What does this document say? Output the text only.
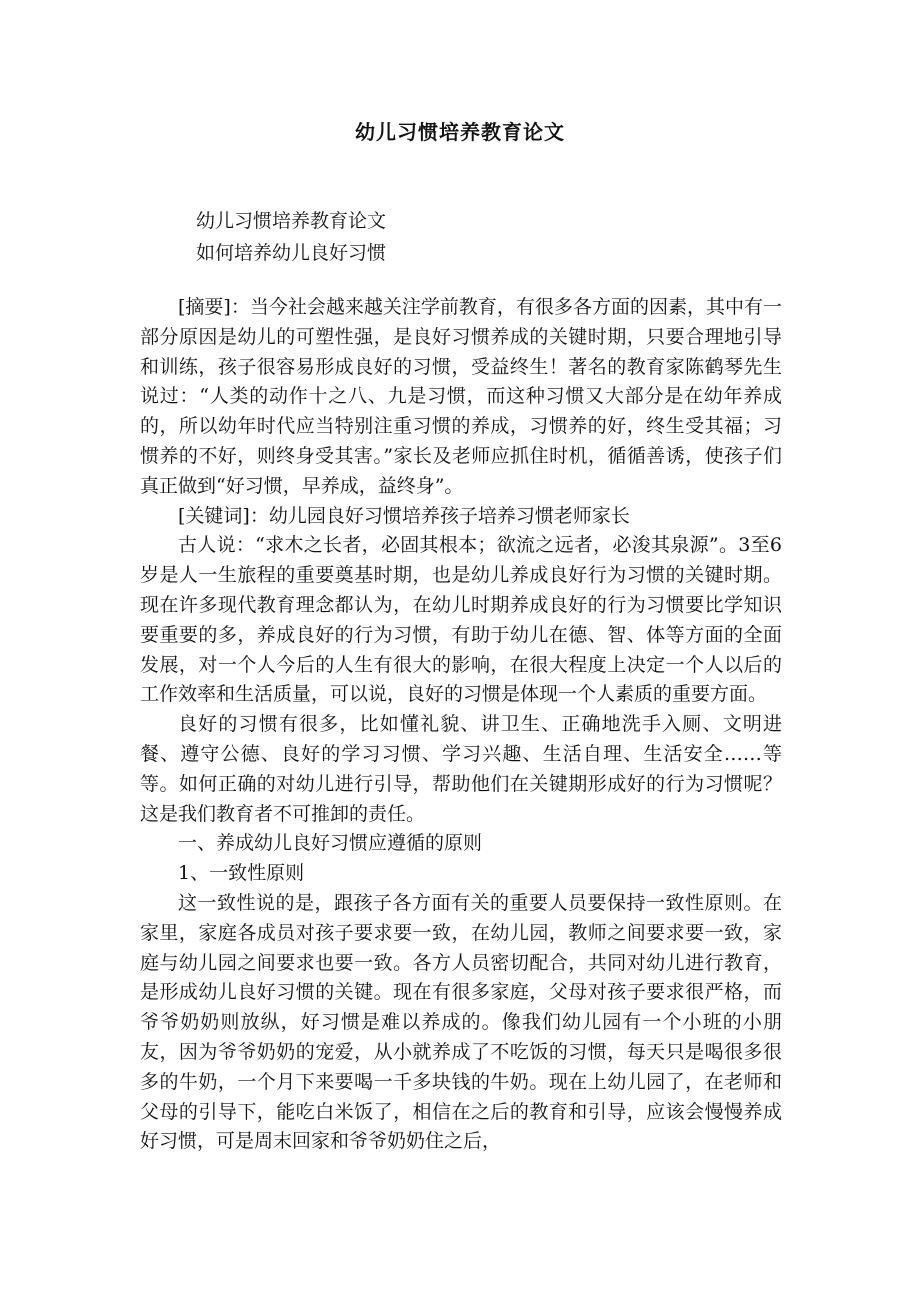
幼儿习惯培养教育论文

幼儿习惯培养教育论文

如何培养幼儿良好习惯

[摘要]：当今社会越来越关注学前教育，有很多各方面的因素，其中有一部分原因是幼儿的可塑性强，是良好习惯养成的关键时期，只要合理地引导和训练，孩子很容易形成良好的习惯，受益终生！著名的教育家陈鹤琴先生说过：“人类的动作十之八、九是习惯，而这种习惯又大部分是在幼年养成的，所以幼年时代应当特别注重习惯的养成，习惯养的好，终生受其福；习惯养的不好，则终身受其害。”家长及老师应抓住时机，循循善诱，使孩子们真正做到“好习惯，早养成，益终身”。

[关键词]：幼儿园良好习惯培养孩子培养习惯老师家长

古人说：“求木之长者，必固其根本；欲流之远者，必浚其泉源”。3至6岁是人一生旅程的重要奠基时期，也是幼儿养成良好行为习惯的关键时期。现在许多现代教育理念都认为，在幼儿时期养成良好的行为习惯要比学知识要重要的多，养成良好的行为习惯，有助于幼儿在德、智、体等方面的全面发展，对一个人今后的人生有很大的影响，在很大程度上决定一个人以后的工作效率和生活质量，可以说，良好的习惯是体现一个人素质的重要方面。

良好的习惯有很多，比如懂礼貌、讲卫生、正确地洗手入厕、文明进餐、遵守公德、良好的学习习惯、学习兴趣、生活自理、生活安全……等等。如何正确的对幼儿进行引导，帮助他们在关键期形成好的行为习惯呢？这是我们教育者不可推卸的责任。

一、养成幼儿良好习惯应遵循的原则

1、一致性原则

这一致性说的是，跟孩子各方面有关的重要人员要保持一致性原则。在家里，家庭各成员对孩子要求要一致，在幼儿园，教师之间要求要一致，家庭与幼儿园之间要求也要一致。各方人员密切配合，共同对幼儿进行教育，是形成幼儿良好习惯的关键。现在有很多家庭，父母对孩子要求很严格，而爷爷奶奶则放纵，好习惯是难以养成的。像我们幼儿园有一个小班的小朋友，因为爷爷奶奶的宠爱，从小就养成了不吃饭的习惯，每天只是喝很多很多的牛奶，一个月下来要喝一千多块钱的牛奶。现在上幼儿园了，在老师和父母的引导下，能吃白米饭了，相信在之后的教育和引导，应该会慢慢养成好习惯，可是周末回家和爷爷奶奶住之后，
